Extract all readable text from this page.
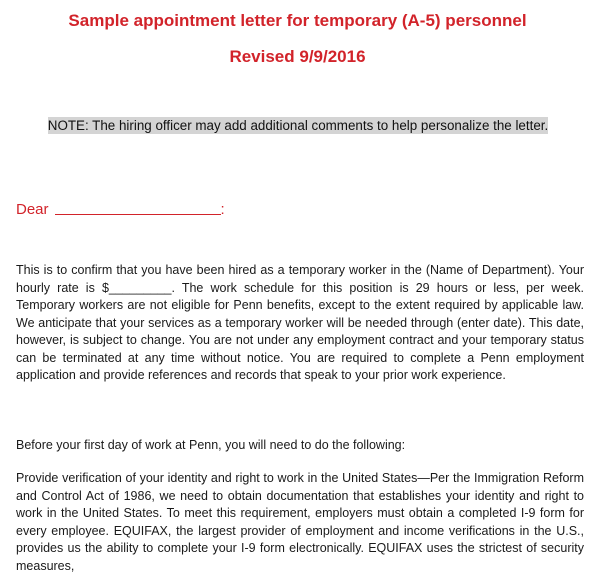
Sample appointment letter for temporary (A-5) personnel
Revised 9/9/2016
NOTE: The hiring officer may add additional comments to help personalize the letter.
Dear	:
This is to confirm that you have been hired as a temporary worker in the (Name of Department). Your hourly rate is $_________. The work schedule for this position is 29 hours or less, per week. Temporary workers are not eligible for Penn benefits, except to the extent required by applicable law. We anticipate that your services as a temporary worker will be needed through (enter date). This date, however, is subject to change. You are not under any employment contract and your temporary status can be terminated at any time without notice. You are required to complete a Penn employment application and provide references and records that speak to your prior work experience.
Before your first day of work at Penn, you will need to do the following:
Provide verification of your identity and right to work in the United States—Per the Immigration Reform and Control Act of 1986, we need to obtain documentation that establishes your identity and right to work in the United States. To meet this requirement, employers must obtain a completed I-9 form for every employee. EQUIFAX, the largest provider of employment and income verifications in the U.S., provides us the ability to complete your I-9 form electronically. EQUIFAX uses the strictest of security measures,
